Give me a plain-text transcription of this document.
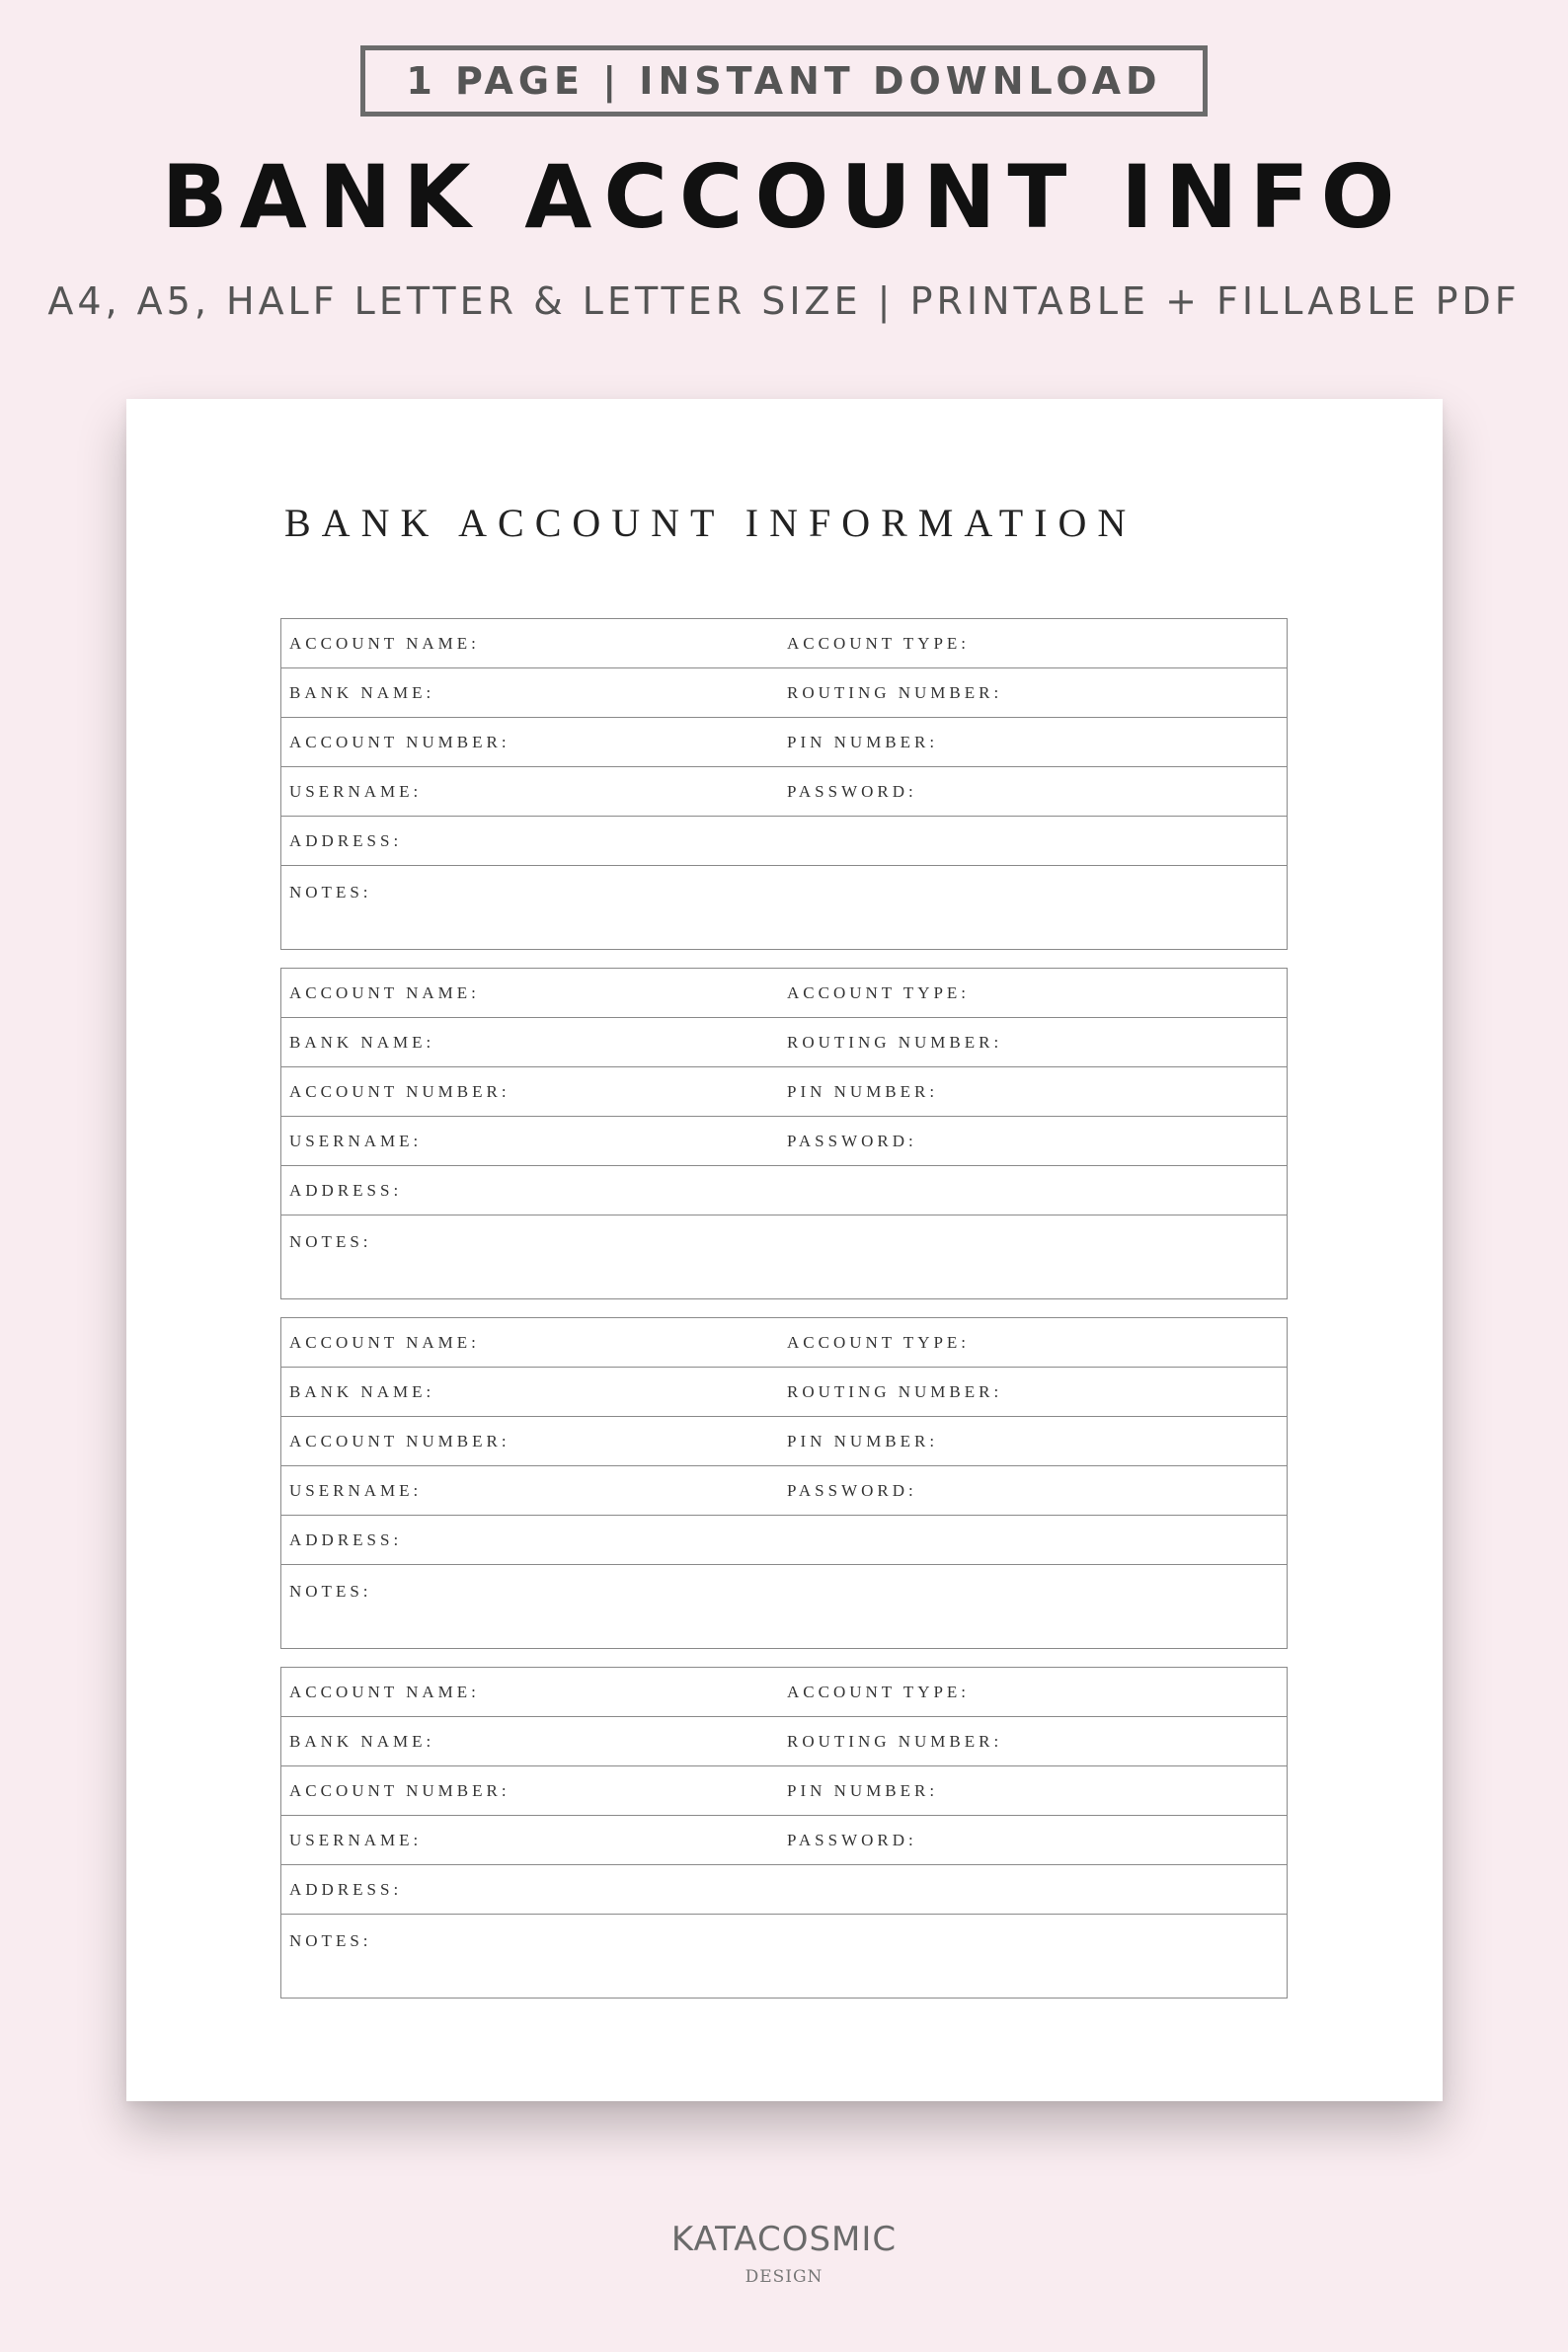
1 PAGE | INSTANT DOWNLOAD
BANK ACCOUNT INFO
A4, A5, HALF LETTER & LETTER SIZE | PRINTABLE + FILLABLE PDF
BANK ACCOUNT INFORMATION
ACCOUNT NAME:	ACCOUNT TYPE:
BANK NAME:	ROUTING NUMBER:
ACCOUNT NUMBER:	PIN NUMBER:
USERNAME:	PASSWORD:
ADDRESS:
NOTES:
ACCOUNT NAME:	ACCOUNT TYPE:
BANK NAME:	ROUTING NUMBER:
ACCOUNT NUMBER:	PIN NUMBER:
USERNAME:	PASSWORD:
ADDRESS:
NOTES:
ACCOUNT NAME:	ACCOUNT TYPE:
BANK NAME:	ROUTING NUMBER:
ACCOUNT NUMBER:	PIN NUMBER:
USERNAME:	PASSWORD:
ADDRESS:
NOTES:
ACCOUNT NAME:	ACCOUNT TYPE:
BANK NAME:	ROUTING NUMBER:
ACCOUNT NUMBER:	PIN NUMBER:
USERNAME:	PASSWORD:
ADDRESS:
NOTES:
KATACOSMIC
DESIGN
